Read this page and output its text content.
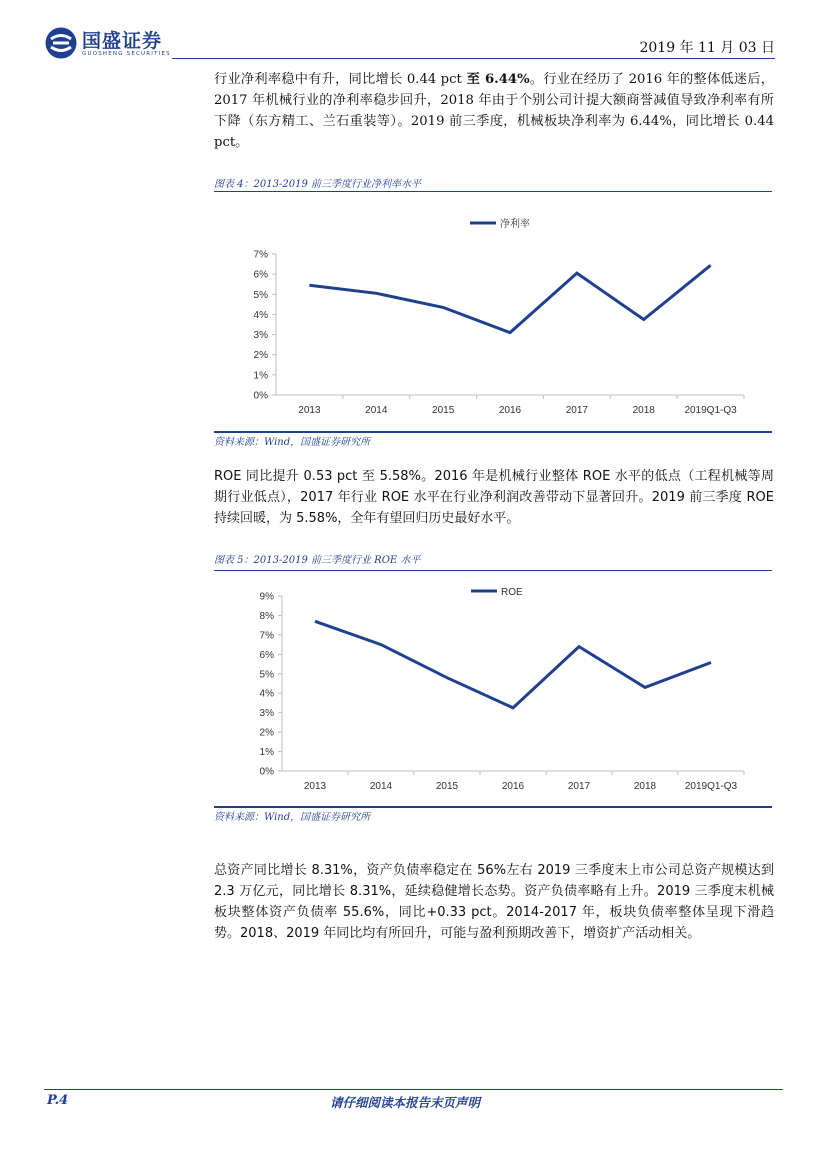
国盛证券
GUOSHENG SECURITIES	2019 年 11 月 03 日

行业净利率稳中有升，同比增长 0.44 pct 至 6.44%。行业在经历了 2016 年的整体低迷后，2017 年机械行业的净利率稳步回升，2018 年由于个别公司计提大额商誉减值导致净利率有所下降（东方精工、兰石重装等）。2019 前三季度，机械板块净利率为 6.44%，同比增长 0.44 pct。

图表 4：2013-2019 前三季度行业净利率水平
净利率
0%
1%
2%
3%
4%
5%
6%
7%
2013	2014	2015	2016	2017	2018	2019Q1-Q3
资料来源：Wind，国盛证券研究所

ROE 同比提升 0.53 pct 至 5.58%。2016 年是机械行业整体 ROE 水平的低点（工程机械等周期行业低点），2017 年行业 ROE 水平在行业净利润改善带动下显著回升。2019 前三季度 ROE 持续回暖，为 5.58%，全年有望回归历史最好水平。

图表 5：2013-2019 前三季度行业 ROE 水平
ROE
0%
1%
2%
3%
4%
5%
6%
7%
8%
9%
2013	2014	2015	2016	2017	2018	2019Q1-Q3
资料来源：Wind，国盛证券研究所

总资产同比增长 8.31%，资产负债率稳定在 56%左右 2019 三季度末上市公司总资产规模达到 2.3 万亿元，同比增长 8.31%，延续稳健增长态势。资产负债率略有上升。2019 三季度末机械板块整体资产负债率 55.6%，同比+0.33 pct。2014-2017 年，板块负债率整体呈现下滑趋势。2018、2019 年同比均有所回升，可能与盈利预期改善下，增资扩产活动相关。

P.4	请仔细阅读本报告末页声明
